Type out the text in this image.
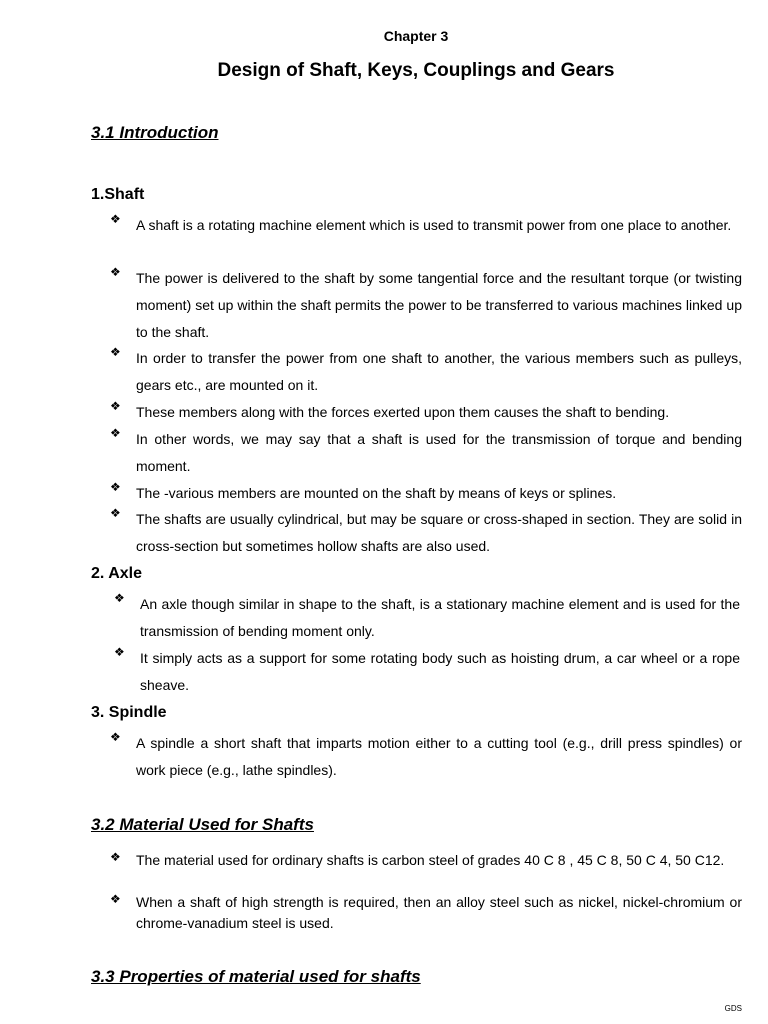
Chapter 3
Design of Shaft, Keys, Couplings and Gears
3.1 Introduction
1.Shaft
❖	A shaft is a rotating machine element which is used to transmit power from one place to another.
❖	The power is delivered to the shaft by some tangential force and the resultant torque (or twisting moment) set up within the shaft permits the power to be transferred to various machines linked up to the shaft.
❖	In order to transfer the power from one shaft to another, the various members such as pulleys, gears etc., are mounted on it.
❖	These members along with the forces exerted upon them causes the shaft to bending.
❖	In other words, we may say that a shaft is used for the transmission of torque and bending moment.
❖	The -various members are mounted on the shaft by means of keys or splines.
❖	The shafts are usually cylindrical, but may be square or cross-shaped in section. They are solid in cross-section but sometimes hollow shafts are also used.
2. Axle
❖	An axle though similar in shape to the shaft, is a stationary machine element and is used for the transmission of bending moment only.
❖	It simply acts as a support for some rotating body such as hoisting drum, a car wheel or a rope sheave.
3. Spindle
❖	A spindle a short shaft that imparts motion either to a cutting tool (e.g., drill press spindles) or work piece (e.g., lathe spindles).
3.2 Material Used for Shafts
❖	The material used for ordinary shafts is carbon steel of grades 40 C 8 , 45 C 8, 50 C 4, 50 C12.
❖	When a shaft of high strength is required, then an alloy steel such as nickel, nickel-chromium or chrome-vanadium steel is used.
3.3 Properties of material used for shafts
GDS
